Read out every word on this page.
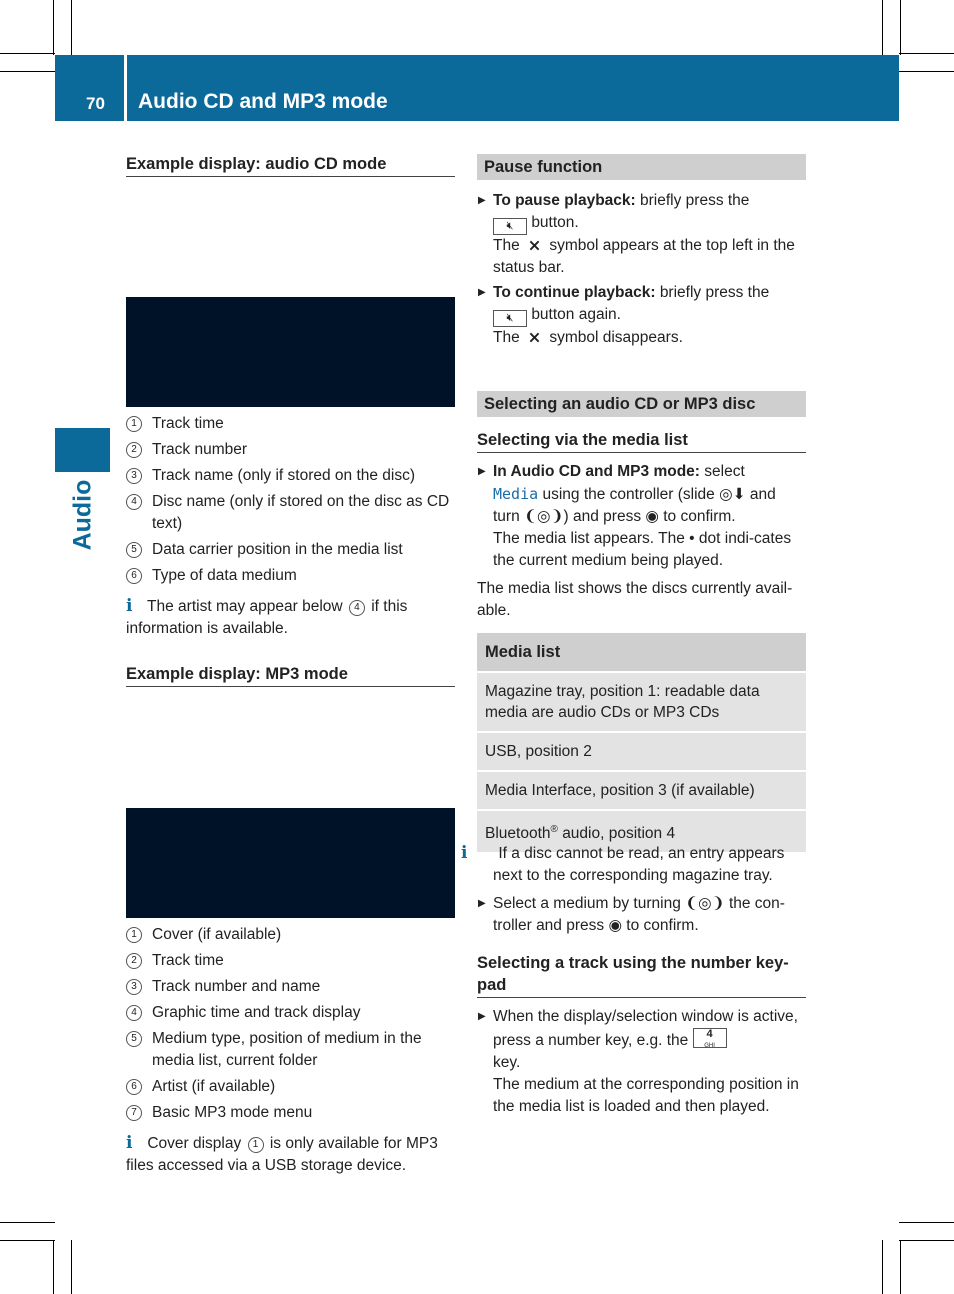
70 Audio CD and MP3 mode
Audio
Example display: audio CD mode
1 Track time
2 Track number
3 Track name (only if stored on the disc)
4 Disc name (only if stored on the disc as CD text)
5 Data carrier position in the media list
6 Type of data medium
i The artist may appear below 4 if this information is available.
Example display: MP3 mode
1 Cover (if available)
2 Track time
3 Track number and name
4 Graphic time and track display
5 Medium type, position of medium in the media list, current folder
6 Artist (if available)
7 Basic MP3 mode menu
i Cover display 1 is only available for MP3 files accessed via a USB storage device.
Pause function
▶ To pause playback: briefly press the
🔇︎ button.
The ⨯ symbol appears at the top left in the status bar.
▶ To continue playback: briefly press the
🔇︎ button again.
The ⨯ symbol disappears.
Selecting an audio CD or MP3 disc
Selecting via the media list
▶ In Audio CD and MP3 mode: select
Media using the controller (slide ◎⬇ and turn ❨◎❩) and press ◉ to confirm.
The media list appears. The • dot indi-cates the current medium being played.
The media list shows the discs currently avail-able.
Media list
Magazine tray, position 1: readable data media are audio CDs or MP3 CDs
USB, position 2
Media Interface, position 3 (if available)
Bluetooth® audio, position 4
i If a disc cannot be read, an entry appears next to the corresponding magazine tray.
▶ Select a medium by turning ❨◎❩ the con-troller and press ◉ to confirm.
Selecting a track using the number key-pad
▶ When the display/selection window is active, press a number key, e.g. the 4
GHI
key.
The medium at the corresponding position in the media list is loaded and then played.
